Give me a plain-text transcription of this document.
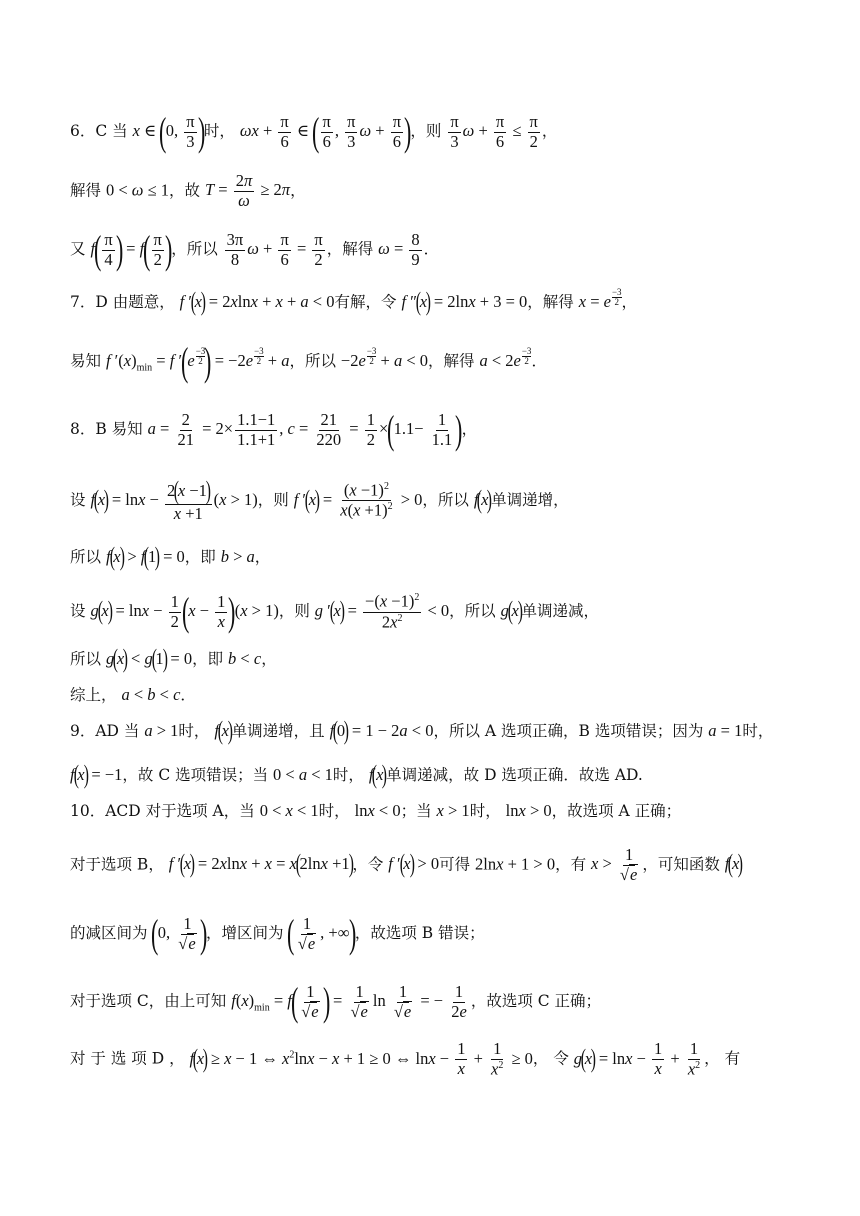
6．C 当 x ∈ (0, $\frac{\pi}{3}$ )时， $\omega x + \frac{\pi}{6}$ ∈ ( $\frac{\pi}{6}$ , $\frac{\pi}{3}$ $\omega + \frac{\pi}{6}$ )，则 $\frac{\pi}{3}$ $\omega + \frac{\pi}{6} \le \frac{\pi}{2}$ ，
解得 0 < ω ≤ 1，故 $T = \frac{2\pi}{\omega} \ge 2\pi$，
又 $f( \frac{\pi}{4}$ ) = $f( \frac{\pi}{2}$ )，所以 $\frac{3\pi}{8}$ $\omega + \frac{\pi}{6} = \frac{\pi}{2}$ ，解得 $\omega = \frac{8}{9}$ ．
7．D 由题意， f ′(x) = 2xlnx + x + a < 0有解，令 f ″(x) = 2lnx + 3 = 0，解得 x = e $\frac{-3}{2}$ ，
易知 f $'(x)_{min} = f$ $'(e \frac{-3}{2}$
) = $-2e \frac{-3}{2} + a$，所以 $-2e \frac{-3}{2} + a < 0$，解得 $a < 2e \frac{-3}{2}$ ．
8．B 易知 $a = \frac{2}{21} = 2\times \frac{1.1-1}{1.1+1}$ , $c = \frac{21}{220} = \frac{1}{2} \times(1.1- \frac{1}{1.1}$ )，
设 $f(x) = \ln x - \frac{2(x -1)}{x +1} (x > 1)$，则 f $'(x) = \frac{(x -1)^2}{x(x +1)^2} > 0$，所以 f(x)单调递增，
所以 f(x) > f(1) = 0，即 b > a，
设 $g(x) = \ln x - \frac{1}{2} (x - \frac{1}{x} )(x > 1)$，则 g $'(x) = \frac{-(x -1)^2}{2x^2} < 0$，所以 g(x)单调递减，
所以 g(x) < g(1) = 0，即 b < c，
综上， a < b < c．
9．AD 当 a > 1时， f(x)单调递增，且 f(0) = 1 − 2a < 0，所以 A 选项正确，B 选项错误；因为 a = 1时，
f(x) = −1，故 C 选项错误；当 0 < a < 1时， f(x)单调递减，故 D 选项正确．故选 AD.
10．ACD 对于选项 A，当 0 < x < 1时， lnx < 0；当 x > 1时， lnx > 0，故选项 A 正确；
对于选项 B， f ′(x) = 2xlnx + x = x(2lnx +1)，令 f ′(x) > 0可得 2lnx + 1 > 0，有 $x > \frac{1}{√e}$ ，可知函数 f(x)
的减区间为 (0, $\frac{1}{√e}$ )，增区间为 ( $\frac{1}{√e}$ , +∞)，故选项 B 错误；
对于选项 C，由上可知 $f(x)_{min} = f( \frac{1}{√e}$ ) = $\frac{1}{√e}$ $\ln \frac{1}{√e}$ = − $\frac{1}{2e}$ ，故选项 C 正确；
对 于 选 项 D ， f(x) ≥ x − 1 ⇔ $x^2\ln x - x + 1 \ge 0$ ⇔ $\ln x - \frac{1}{x} + \frac{1}{x^2} \ge 0$， 令 $g(x) = \ln x - \frac{1}{x} + \frac{1}{x^2}$ ， 有
